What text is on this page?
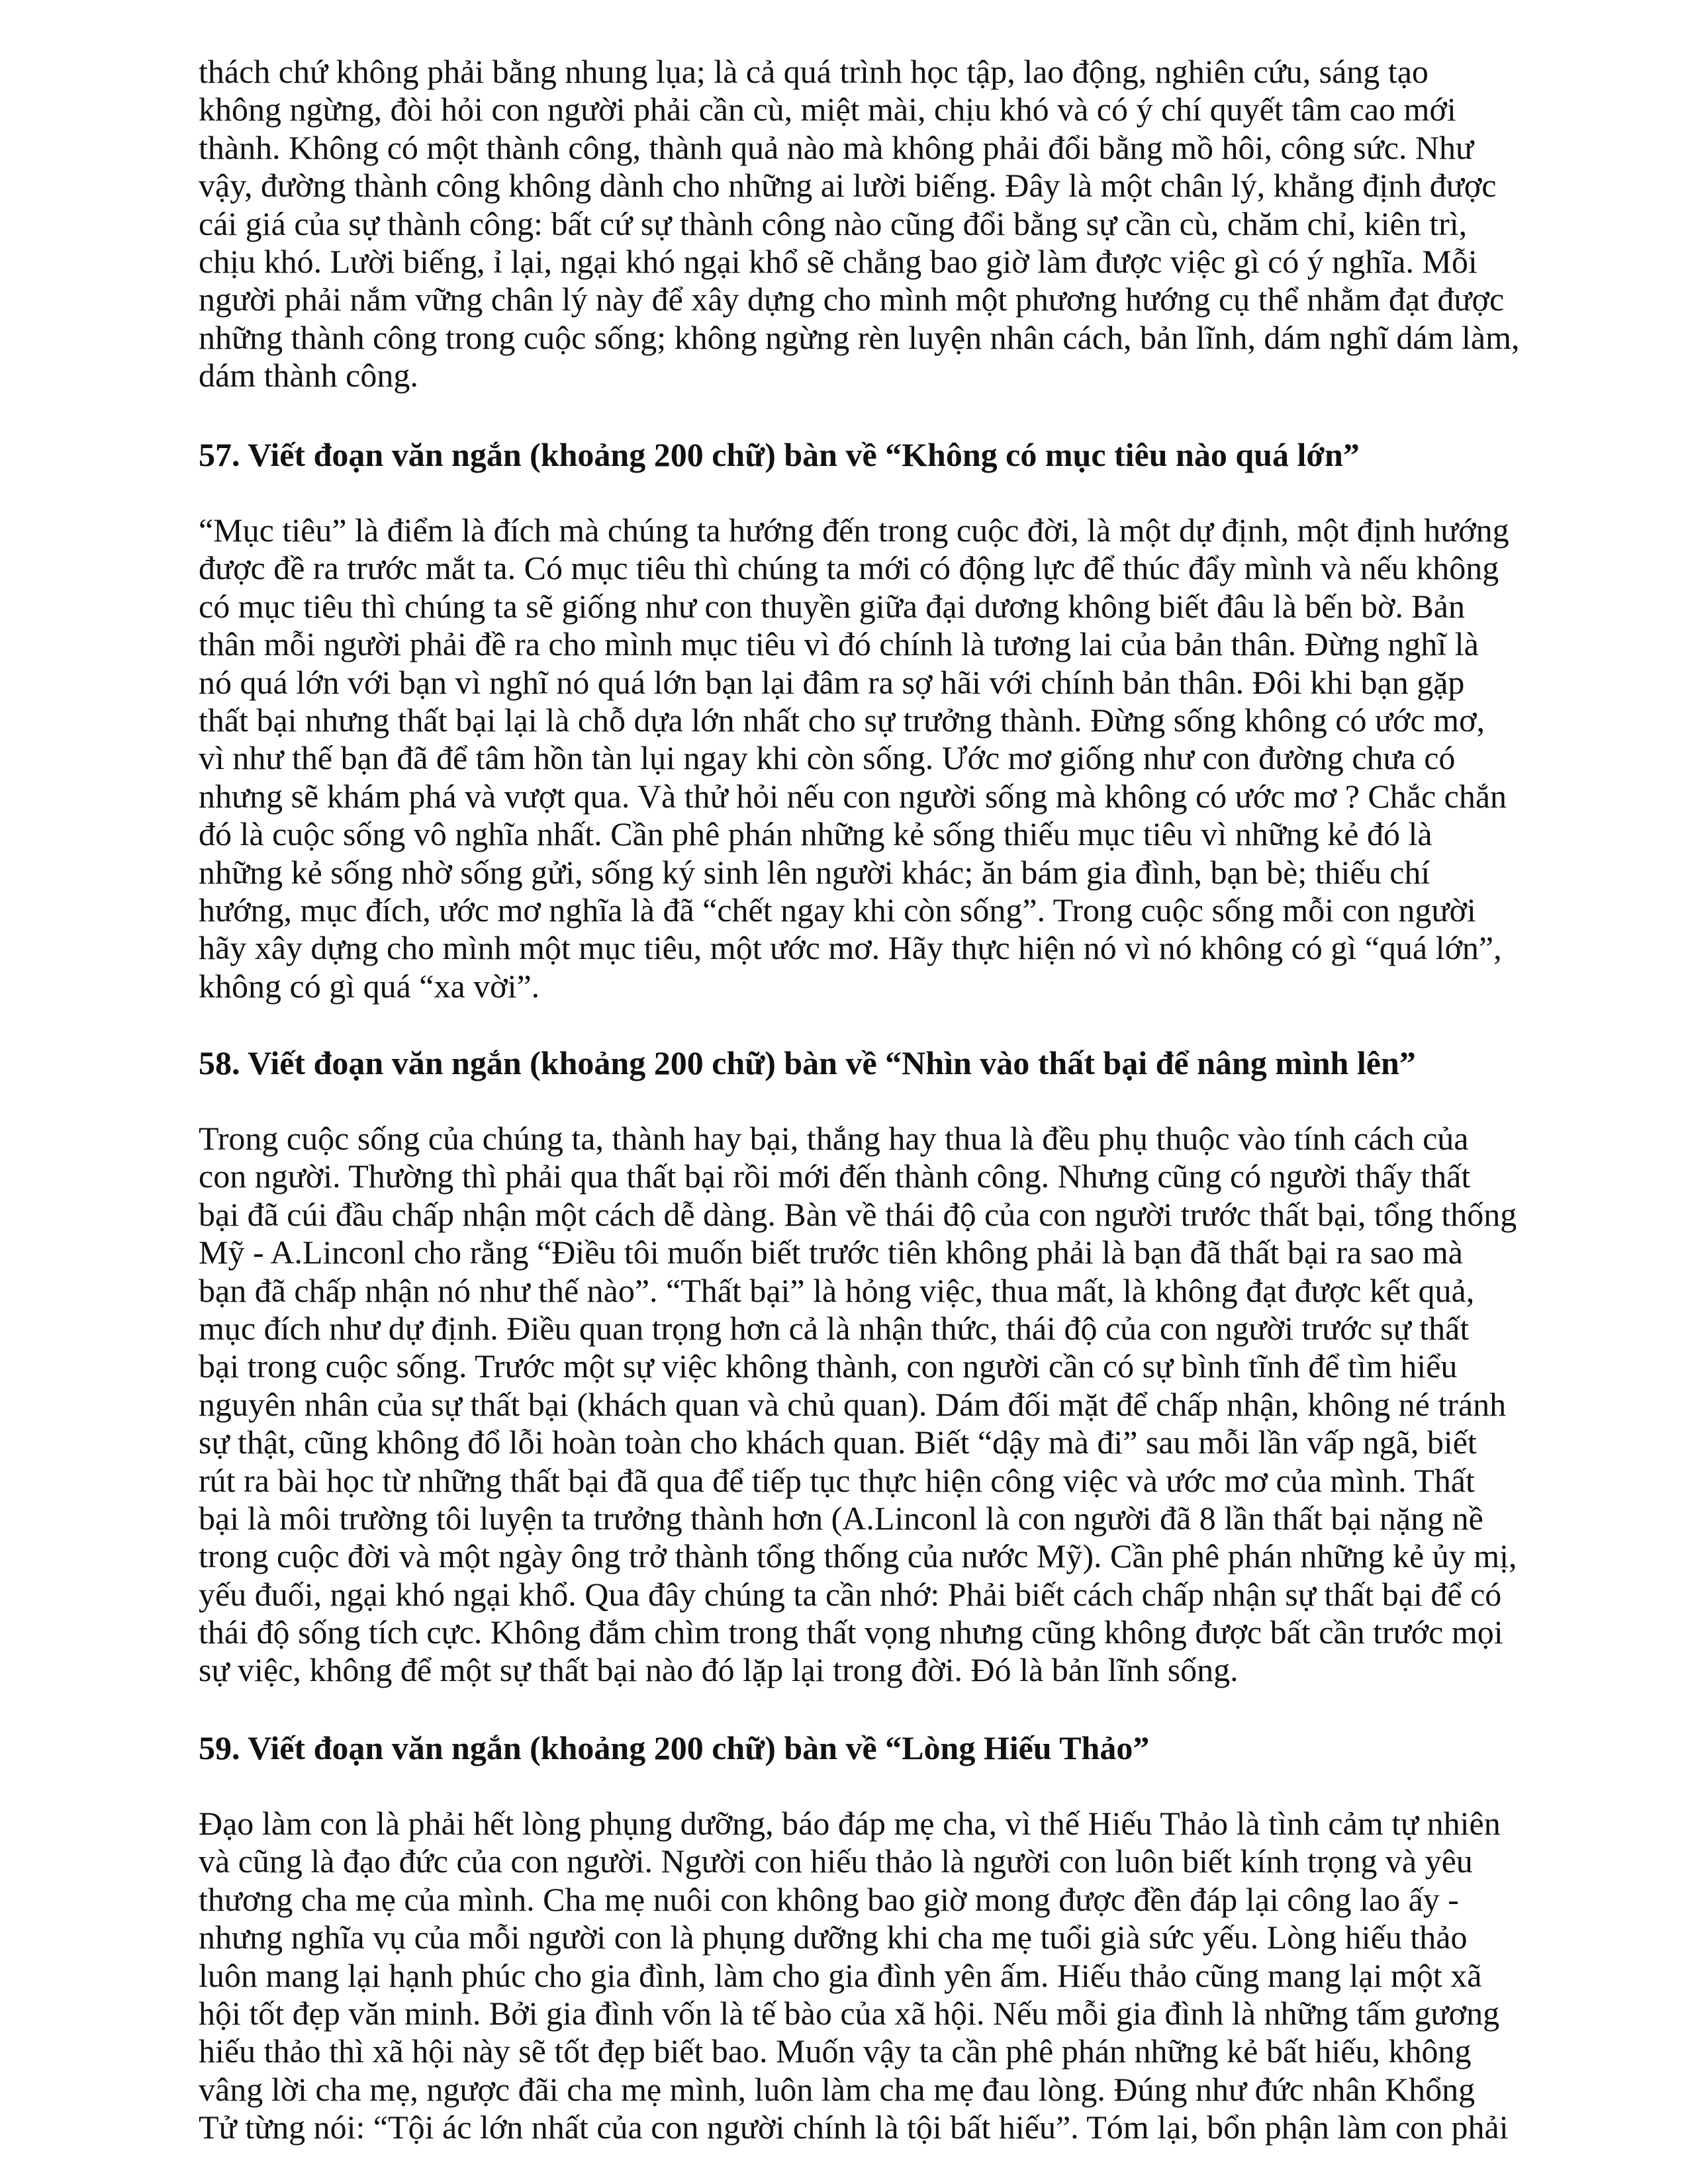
thách chứ không phải bằng nhung lụa; là cả quá trình học tập, lao động, nghiên cứu, sáng tạo
không ngừng, đòi hỏi con người phải cần cù, miệt mài, chịu khó và có ý chí quyết tâm cao mới
thành. Không có một thành công, thành quả nào mà không phải đổi bằng mồ hôi, công sức. Như
vậy, đường thành công không dành cho những ai lười biếng. Đây là một chân lý, khẳng định được
cái giá của sự thành công: bất cứ sự thành công nào cũng đổi bằng sự cần cù, chăm chỉ, kiên trì,
chịu khó. Lười biếng, ỉ lại, ngại khó ngại khổ sẽ chẳng bao giờ làm được việc gì có ý nghĩa. Mỗi
người phải nắm vững chân lý này để xây dựng cho mình một phương hướng cụ thể nhằm đạt được
những thành công trong cuộc sống; không ngừng rèn luyện nhân cách, bản lĩnh, dám nghĩ dám làm,
dám thành công.
57. Viết đoạn văn ngắn (khoảng 200 chữ) bàn về “Không có mục tiêu nào quá lớn”
“Mục tiêu” là điểm là đích mà chúng ta hướng đến trong cuộc đời, là một dự định, một định hướng
được đề ra trước mắt ta. Có mục tiêu thì chúng ta mới có động lực để thúc đẩy mình và nếu không
có mục tiêu thì chúng ta sẽ giống như con thuyền giữa đại dương không biết đâu là bến bờ. Bản
thân mỗi người phải đề ra cho mình mục tiêu vì đó chính là tương lai của bản thân. Đừng nghĩ là
nó quá lớn với bạn vì nghĩ nó quá lớn bạn lại đâm ra sợ hãi với chính bản thân. Đôi khi bạn gặp
thất bại nhưng thất bại lại là chỗ dựa lớn nhất cho sự trưởng thành. Đừng sống không có ước mơ,
vì như thế bạn đã để tâm hồn tàn lụi ngay khi còn sống. Ước mơ giống như con đường chưa có
nhưng sẽ khám phá và vượt qua. Và thử hỏi nếu con người sống mà không có ước mơ ? Chắc chắn
đó là cuộc sống vô nghĩa nhất. Cần phê phán những kẻ sống thiếu mục tiêu vì những kẻ đó là
những kẻ sống nhờ sống gửi, sống ký sinh lên người khác; ăn bám gia đình, bạn bè; thiếu chí
hướng, mục đích, ước mơ nghĩa là đã “chết ngay khi còn sống”. Trong cuộc sống mỗi con người
hãy xây dựng cho mình một mục tiêu, một ước mơ. Hãy thực hiện nó vì nó không có gì “quá lớn”,
không có gì quá “xa vời”.
58. Viết đoạn văn ngắn (khoảng 200 chữ) bàn về “Nhìn vào thất bại để nâng mình lên”
Trong cuộc sống của chúng ta, thành hay bại, thắng hay thua là đều phụ thuộc vào tính cách của
con người. Thường thì phải qua thất bại rồi mới đến thành công. Nhưng cũng có người thấy thất
bại đã cúi đầu chấp nhận một cách dễ dàng. Bàn về thái độ của con người trước thất bại, tổng thống
Mỹ - A.Linconl cho rằng “Điều tôi muốn biết trước tiên không phải là bạn đã thất bại ra sao mà
bạn đã chấp nhận nó như thế nào”. “Thất bại” là hỏng việc, thua mất, là không đạt được kết quả,
mục đích như dự định. Điều quan trọng hơn cả là nhận thức, thái độ của con người trước sự thất
bại trong cuộc sống. Trước một sự việc không thành, con người cần có sự bình tĩnh để tìm hiểu
nguyên nhân của sự thất bại (khách quan và chủ quan). Dám đối mặt để chấp nhận, không né tránh
sự thật, cũng không đổ lỗi hoàn toàn cho khách quan. Biết “dậy mà đi” sau mỗi lần vấp ngã, biết
rút ra bài học từ những thất bại đã qua để tiếp tục thực hiện công việc và ước mơ của mình. Thất
bại là môi trường tôi luyện ta trưởng thành hơn (A.Linconl là con người đã 8 lần thất bại nặng nề
trong cuộc đời và một ngày ông trở thành tổng thống của nước Mỹ). Cần phê phán những kẻ ủy mị,
yếu đuối, ngại khó ngại khổ. Qua đây chúng ta cần nhớ: Phải biết cách chấp nhận sự thất bại để có
thái độ sống tích cực. Không đắm chìm trong thất vọng nhưng cũng không được bất cần trước mọi
sự việc, không để một sự thất bại nào đó lặp lại trong đời. Đó là bản lĩnh sống.
59. Viết đoạn văn ngắn (khoảng 200 chữ) bàn về “Lòng Hiếu Thảo”
Đạo làm con là phải hết lòng phụng dưỡng, báo đáp mẹ cha, vì thế Hiếu Thảo là tình cảm tự nhiên
và cũng là đạo đức của con người. Người con hiếu thảo là người con luôn biết kính trọng và yêu
thương cha mẹ của mình. Cha mẹ nuôi con không bao giờ mong được đền đáp lại công lao ấy -
nhưng nghĩa vụ của mỗi người con là phụng dưỡng khi cha mẹ tuổi già sức yếu. Lòng hiếu thảo
luôn mang lại hạnh phúc cho gia đình, làm cho gia đình yên ấm. Hiếu thảo cũng mang lại một xã
hội tốt đẹp văn minh. Bởi gia đình vốn là tế bào của xã hội. Nếu mỗi gia đình là những tấm gương
hiếu thảo thì xã hội này sẽ tốt đẹp biết bao. Muốn vậy ta cần phê phán những kẻ bất hiếu, không
vâng lời cha mẹ, ngược đãi cha mẹ mình, luôn làm cha mẹ đau lòng. Đúng như đức nhân Khổng
Tử từng nói: “Tội ác lớn nhất của con người chính là tội bất hiếu”. Tóm lại, bổn phận làm con phải
